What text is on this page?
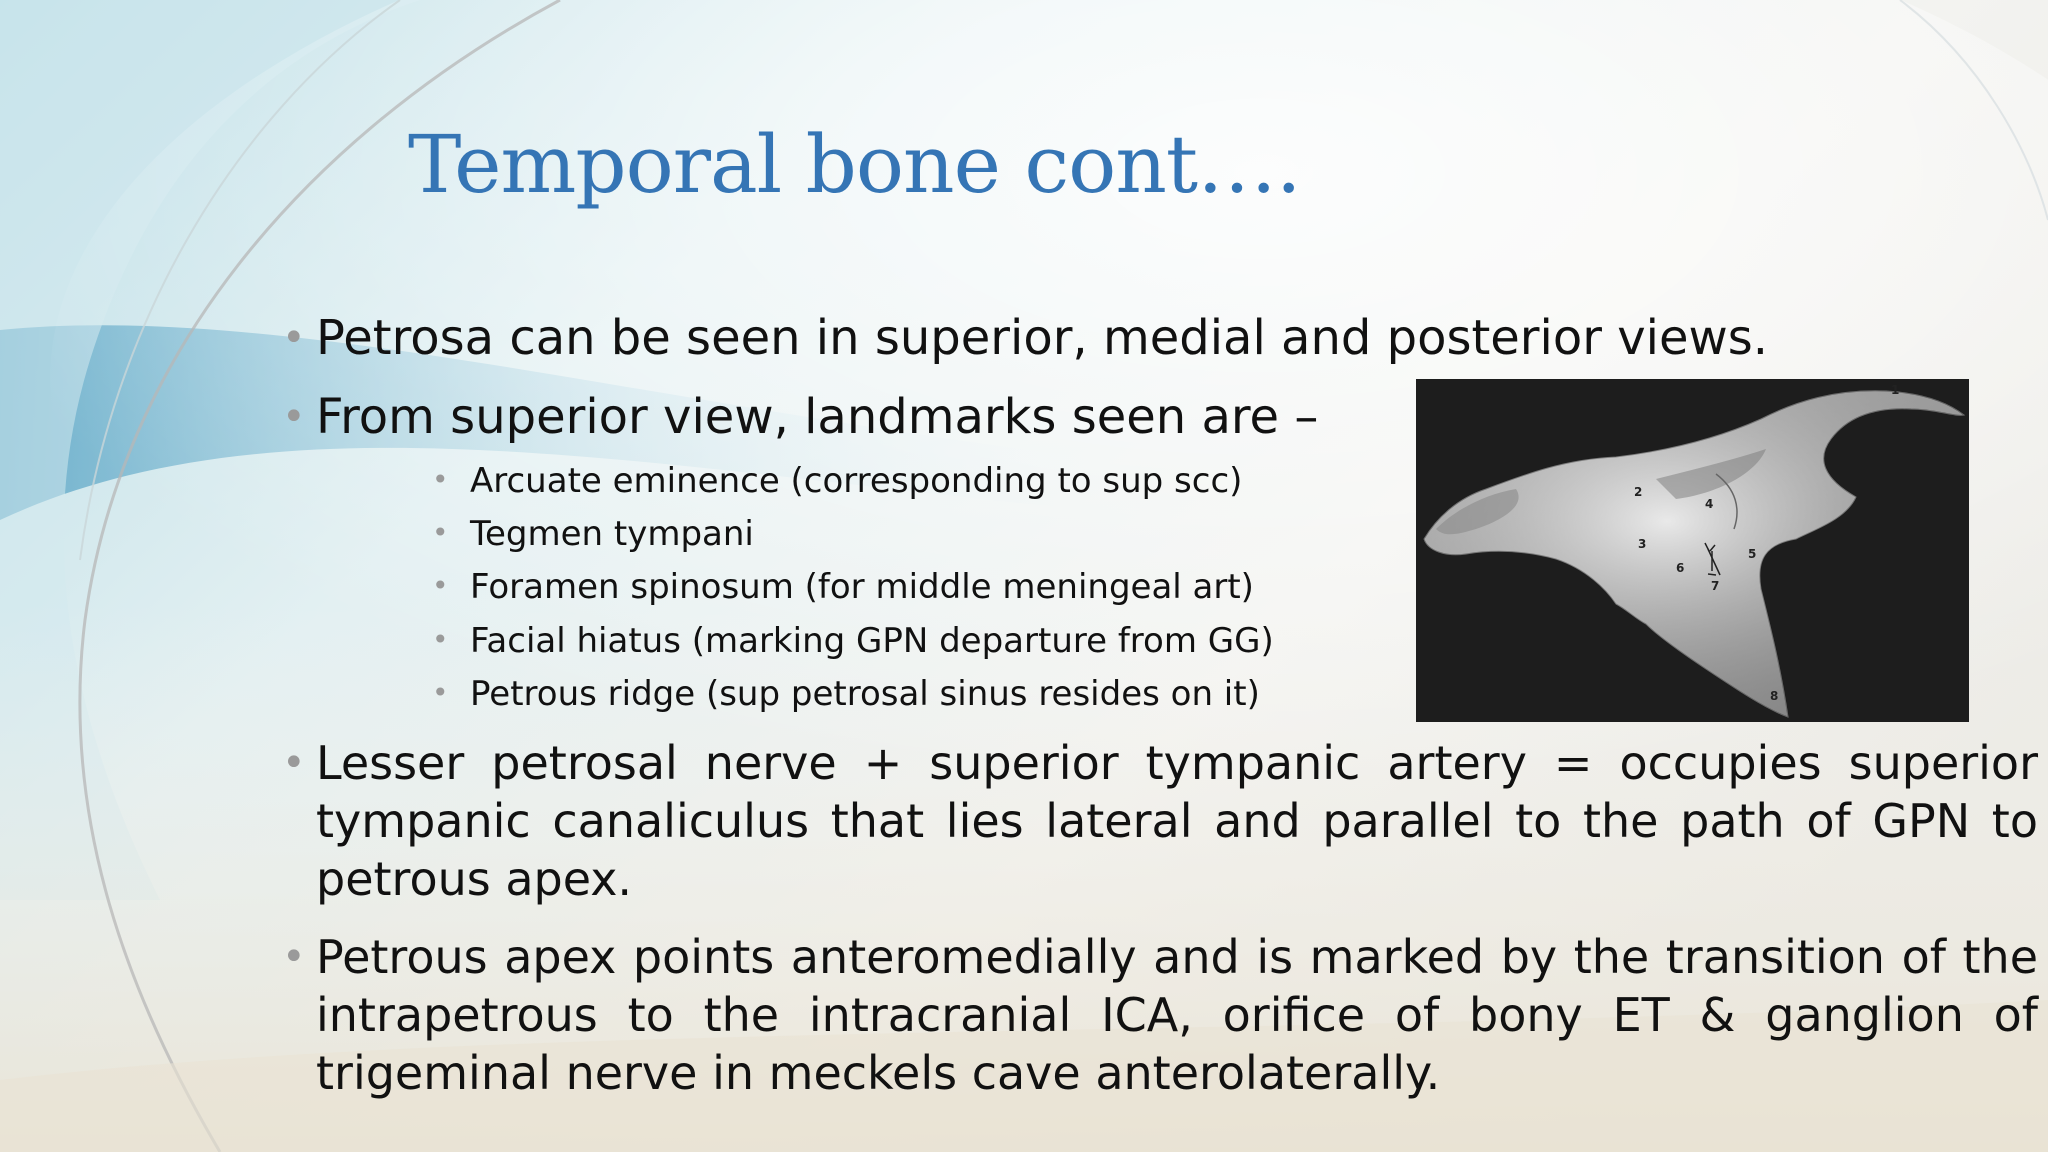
Temporal bone cont….
• Petrosa can be seen in superior, medial and posterior views.
• From superior view, landmarks seen are –
• Arcuate eminence (corresponding to sup scc)
• Tegmen tympani
• Foramen spinosum (for middle meningeal art)
• Facial hiatus (marking GPN departure from GG)
• Petrous ridge (sup petrosal sinus resides on it)
• Lesser petrosal nerve + superior tympanic artery = occupies superior tympanic canaliculus that lies lateral and parallel to the path of GPN to petrous apex.
• Petrous apex points anteromedially and is marked by the transition of the intrapetrous to the intracranial ICA, orifice of bony ET & ganglion of trigeminal nerve in meckels cave anterolaterally.
1
2
3
4
5
6
7
8
